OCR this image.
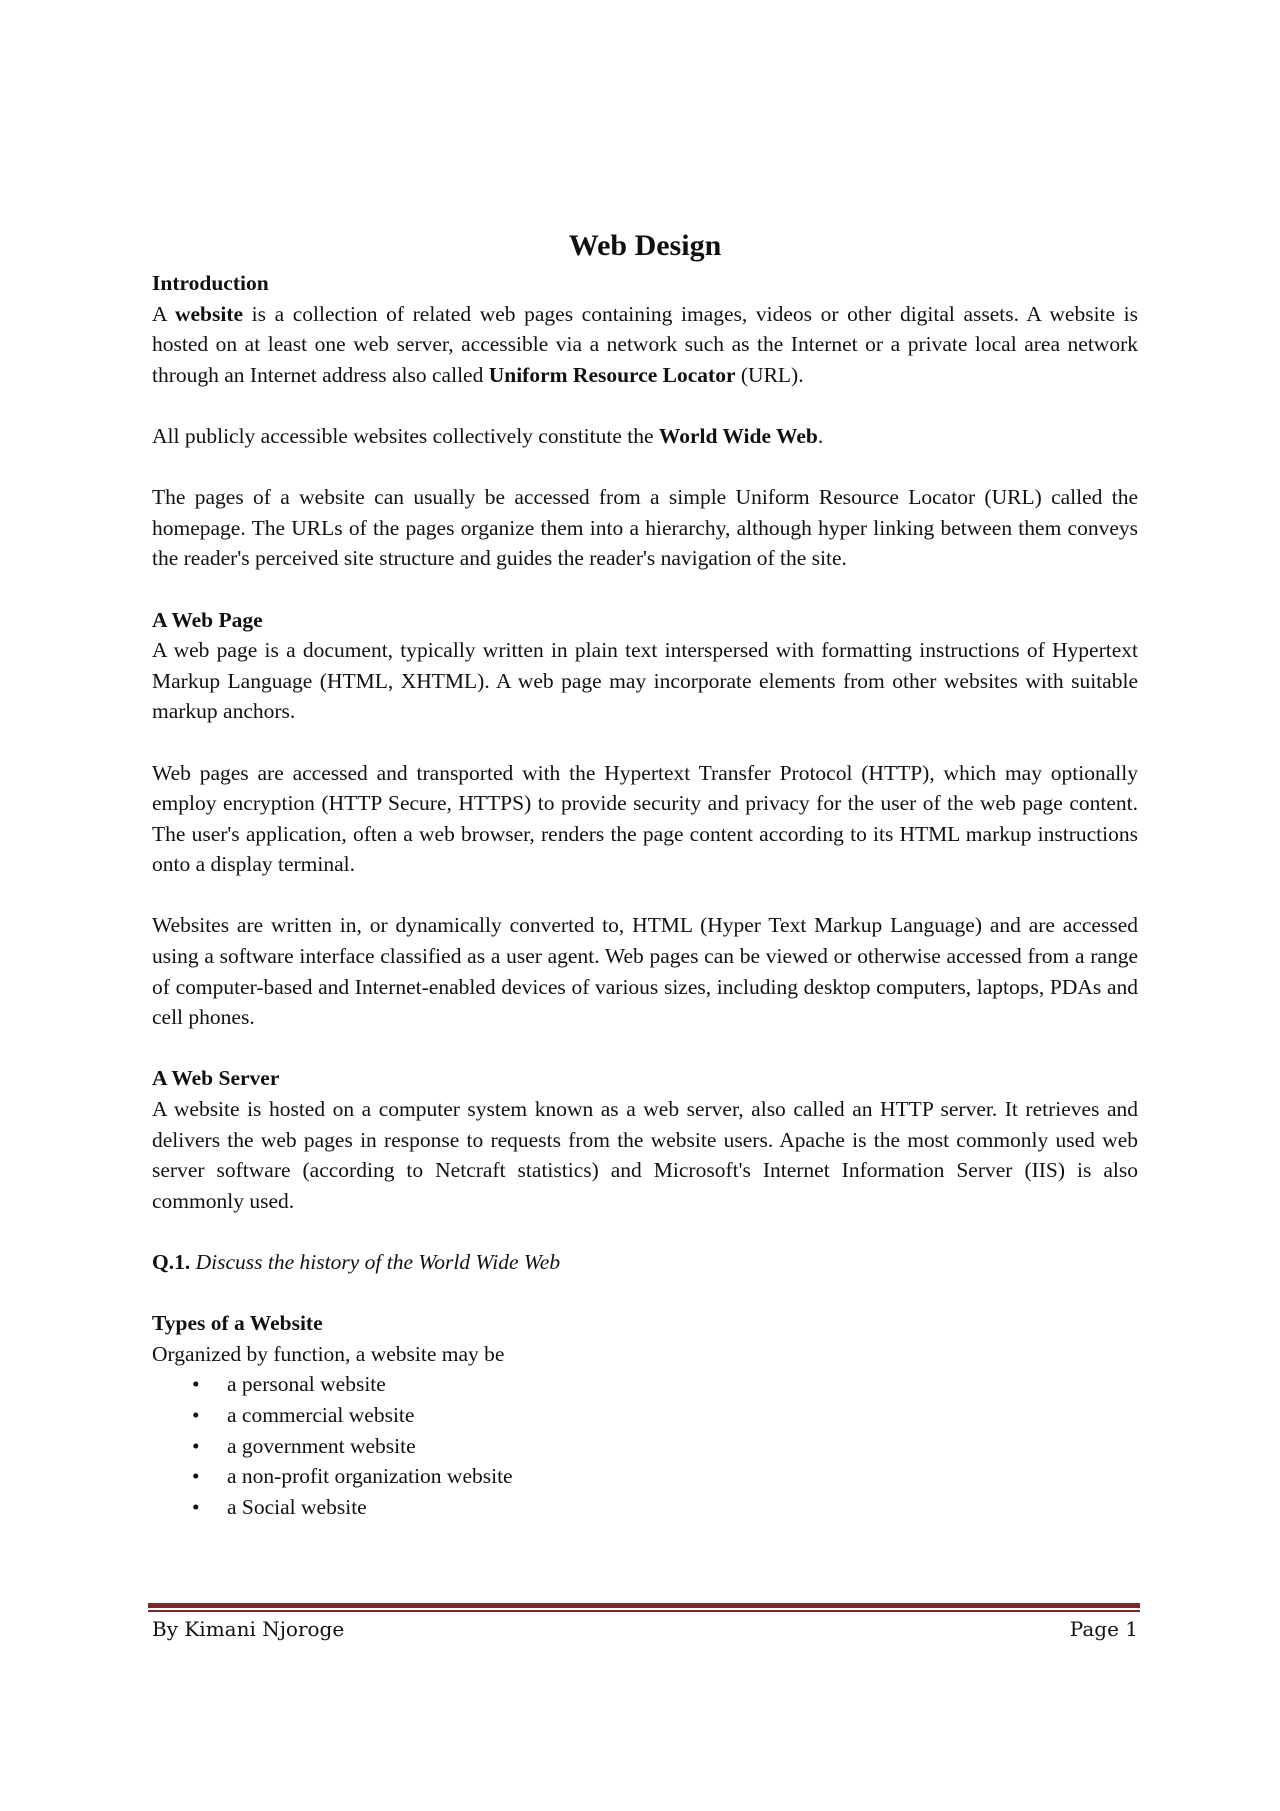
Web Design
Introduction

A website is a collection of related web pages containing images, videos or other digital assets. A website is hosted on at least one web server, accessible via a network such as the Internet or a private local area network through an Internet address also called Uniform Resource Locator (URL).

All publicly accessible websites collectively constitute the World Wide Web.

The pages of a website can usually be accessed from a simple Uniform Resource Locator (URL) called the homepage. The URLs of the pages organize them into a hierarchy, although hyper linking between them conveys the reader's perceived site structure and guides the reader's navigation of the site.

A Web Page

A web page is a document, typically written in plain text interspersed with formatting instructions of Hypertext Markup Language (HTML, XHTML). A web page may incorporate elements from other websites with suitable markup anchors.

Web pages are accessed and transported with the Hypertext Transfer Protocol (HTTP), which may optionally employ encryption (HTTP Secure, HTTPS) to provide security and privacy for the user of the web page content. The user's application, often a web browser, renders the page content according to its HTML markup instructions onto a display terminal.

Websites are written in, or dynamically converted to, HTML (Hyper Text Markup Language) and are accessed using a software interface classified as a user agent. Web pages can be viewed or otherwise accessed from a range of computer-based and Internet-enabled devices of various sizes, including desktop computers, laptops, PDAs and cell phones.

A Web Server

A website is hosted on a computer system known as a web server, also called an HTTP server. It retrieves and delivers the web pages in response to requests from the website users. Apache is the most commonly used web server software (according to Netcraft statistics) and Microsoft's Internet Information Server (IIS) is also commonly used.

Q.1. Discuss the history of the World Wide Web

Types of a Website
Organized by function, a website may be
• a personal website
• a commercial website
• a government website
• a non-profit organization website
• a Social website
By Kimani Njoroge	Page 1
